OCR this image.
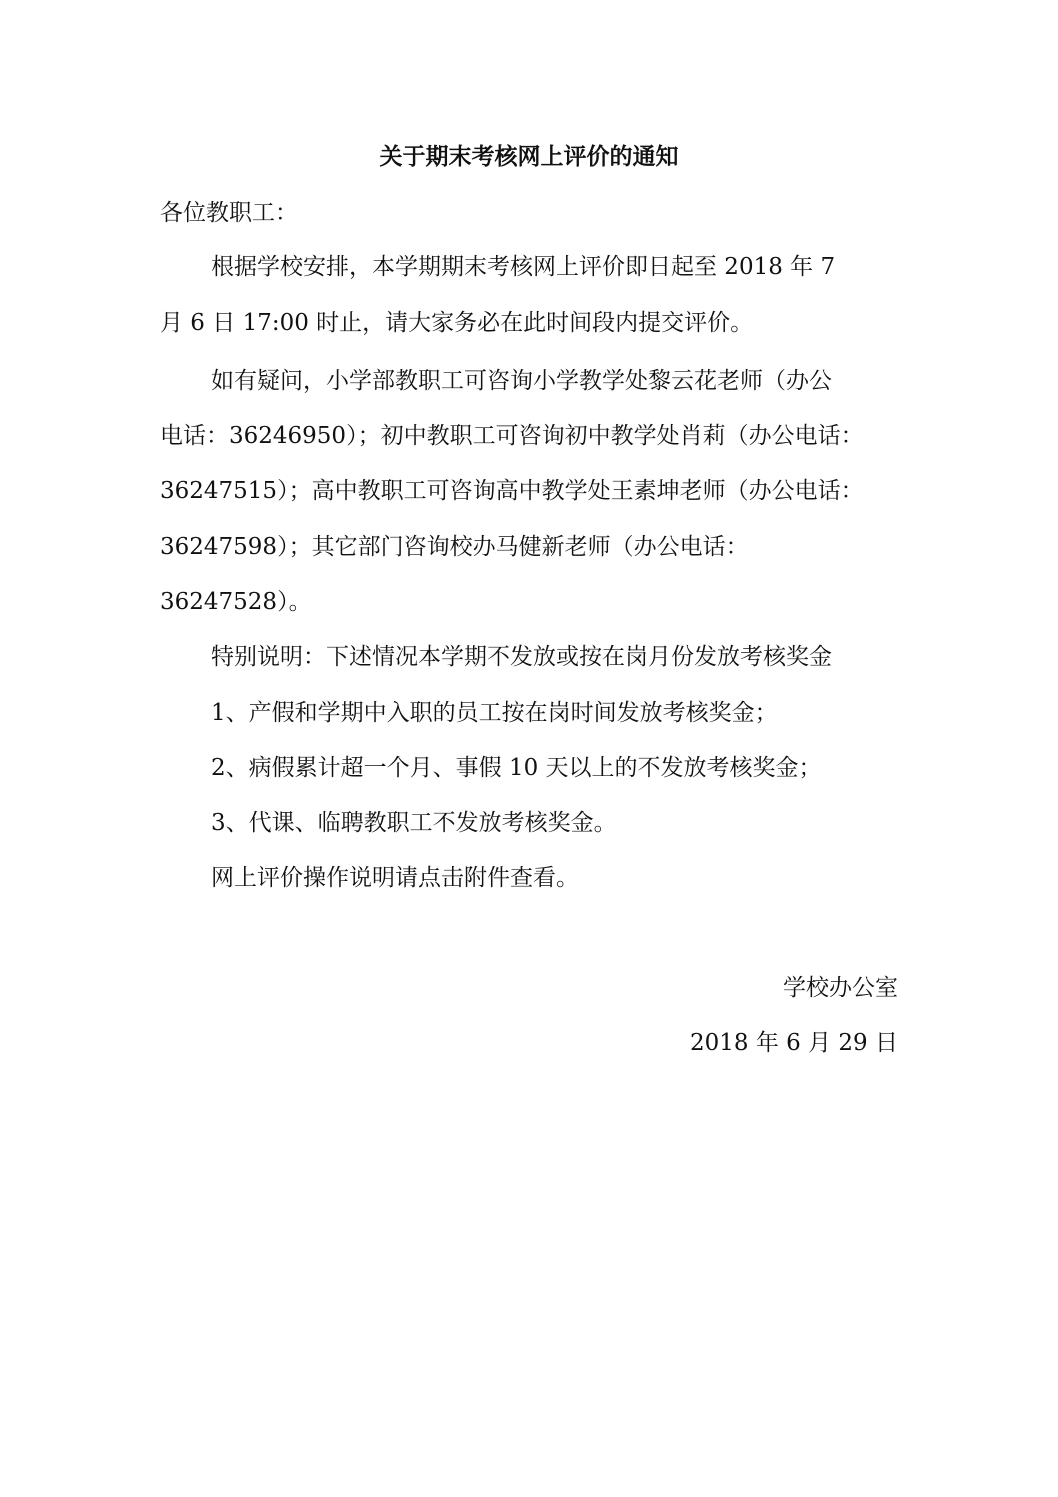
关于期末考核网上评价的通知

各位教职工：

根据学校安排，本学期期末考核网上评价即日起至 2018 年 7

月 6 日 17:00 时止，请大家务必在此时间段内提交评价。

如有疑问，小学部教职工可咨询小学教学处黎云花老师（办公

电话：36246950）；初中教职工可咨询初中教学处肖莉（办公电话：

36247515）；高中教职工可咨询高中教学处王素坤老师（办公电话：

36247598）；其它部门咨询校办马健新老师（办公电话：

36247528）。

特别说明：下述情况本学期不发放或按在岗月份发放考核奖金

1、产假和学期中入职的员工按在岗时间发放考核奖金；

2、病假累计超一个月、事假 10 天以上的不发放考核奖金；

3、代课、临聘教职工不发放考核奖金。

网上评价操作说明请点击附件查看。

学校办公室

2018 年 6 月 29 日
